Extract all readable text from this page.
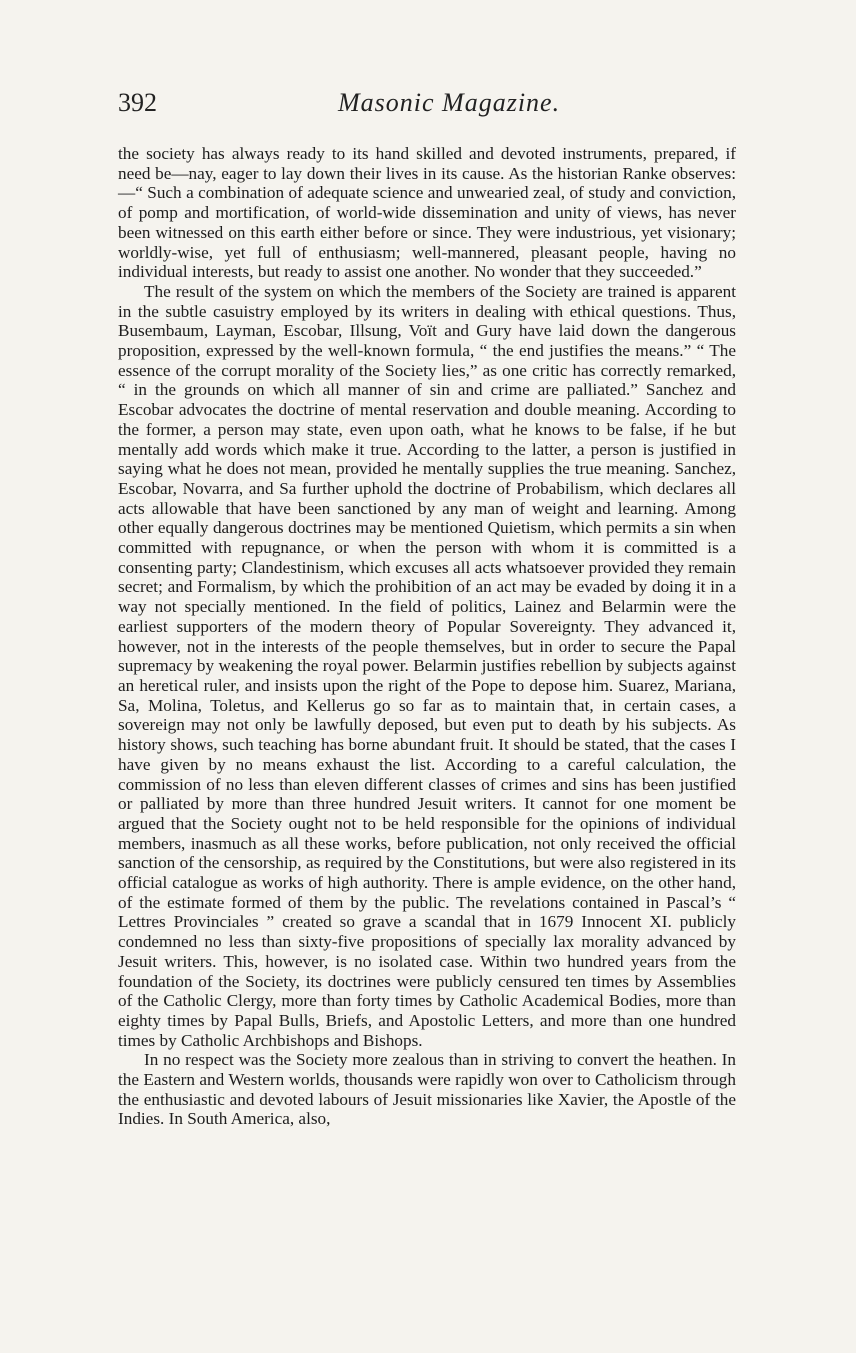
392	Masonic Magazine.

the society has always ready to its hand skilled and devoted instruments, prepared, if need be—nay, eager to lay down their lives in its cause. As the historian Ranke observes:—“ Such a combination of adequate science and unwearied zeal, of study and conviction, of pomp and mortification, of world-wide dissemination and unity of views, has never been witnessed on this earth either before or since. They were industrious, yet visionary; worldly-wise, yet full of enthusiasm; well-mannered, pleasant people, having no individual interests, but ready to assist one another. No wonder that they succeeded.”

The result of the system on which the members of the Society are trained is apparent in the subtle casuistry employed by its writers in dealing with ethical questions. Thus, Busembaum, Layman, Escobar, Illsung, Voït and Gury have laid down the dangerous proposition, expressed by the well-known formula, “ the end justifies the means.” “ The essence of the corrupt morality of the Society lies,” as one critic has correctly remarked, “ in the grounds on which all manner of sin and crime are palliated.” Sanchez and Escobar advocates the doctrine of mental reservation and double meaning. According to the former, a person may state, even upon oath, what he knows to be false, if he but mentally add words which make it true. According to the latter, a person is justified in saying what he does not mean, provided he mentally supplies the true meaning. Sanchez, Escobar, Novarra, and Sa further uphold the doctrine of Probabilism, which declares all acts allowable that have been sanctioned by any man of weight and learning. Among other equally dangerous doctrines may be mentioned Quietism, which permits a sin when committed with repugnance, or when the person with whom it is committed is a consenting party; Clandestinism, which excuses all acts whatsoever provided they remain secret; and Formalism, by which the prohibition of an act may be evaded by doing it in a way not specially mentioned. In the field of politics, Lainez and Belarmin were the earliest supporters of the modern theory of Popular Sovereignty. They advanced it, however, not in the interests of the people themselves, but in order to secure the Papal supremacy by weakening the royal power. Belarmin justifies rebellion by subjects against an heretical ruler, and insists upon the right of the Pope to depose him. Suarez, Mariana, Sa, Molina, Toletus, and Kellerus go so far as to maintain that, in certain cases, a sovereign may not only be lawfully deposed, but even put to death by his subjects. As history shows, such teaching has borne abundant fruit. It should be stated, that the cases I have given by no means exhaust the list. According to a careful calculation, the commission of no less than eleven different classes of crimes and sins has been justified or palliated by more than three hundred Jesuit writers. It cannot for one moment be argued that the Society ought not to be held responsible for the opinions of individual members, inasmuch as all these works, before publication, not only received the official sanction of the censorship, as required by the Constitutions, but were also registered in its official catalogue as works of high authority. There is ample evidence, on the other hand, of the estimate formed of them by the public. The revelations contained in Pascal’s “ Lettres Provinciales ” created so grave a scandal that in 1679 Innocent XI. publicly condemned no less than sixty-five propositions of specially lax morality advanced by Jesuit writers. This, however, is no isolated case. Within two hundred years from the foundation of the Society, its doctrines were publicly censured ten times by Assemblies of the Catholic Clergy, more than forty times by Catholic Academical Bodies, more than eighty times by Papal Bulls, Briefs, and Apostolic Letters, and more than one hundred times by Catholic Archbishops and Bishops.

In no respect was the Society more zealous than in striving to convert the heathen. In the Eastern and Western worlds, thousands were rapidly won over to Catholicism through the enthusiastic and devoted labours of Jesuit missionaries like Xavier, the Apostle of the Indies. In South America, also,
